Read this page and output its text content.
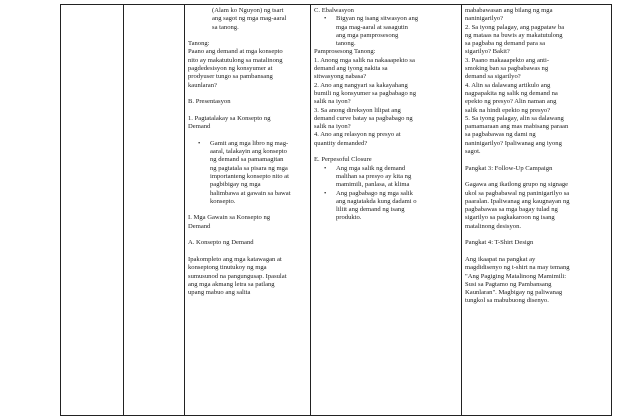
(Alam ko Nguyon) ng tsart

ang sagot ng mga mag-aaral

sa tanong.

Tanong:

Paano ang demand at mga konsepto

nito ay makatutulong sa matalinong

pagdedesisyon ng konsyumer at

prodyuser tungo sa pambansang

kaunlaran?

B. Presentasyon

1. Pagtatalakay sa Konsepto ng

Demand

• Gamit ang mga libro ng mag-

aaral, talakayin ang konsepto

ng demand sa pamamagitan

ng pagtatala sa pisara ng mga

importanteng konsepto nito at

pagbibigay ng mga

halimbawa at gawain sa bawat

konsepto.

I. Mga Gawain sa Konsepto ng

Demand

A. Konsepto ng Demand

Ipakompleto ang mga katawagan at

konseptong tinutukoy ng mga

sumusunod na pangungusap. Ipasulat

ang mga akmang letra sa patlang

upang mabuo ang salita

C. Ebalwasyon

• Bigyan ng isang sitwasyon ang

mga mag-aaral at sasagutin

ang mga pamprosesong

tanong.

Pamprosesong Tanong:

1. Anong mga salik na nakaaapekto sa

demand ang iyong nakita sa

sitwasyong nabasa?

2. Ano ang nangyari sa kakayahang

bumili ng konsyumer sa pagbabago ng

salik na iyon?

3. Sa anong direksyon lilipat ang

demand curve batay sa pagbabago ng

salik na iyon?

4. Ano ang relasyon ng presyo at

quantity demanded?

E. Perpesoful Closure

• Ang mga salik ng demand

malihan sa presyo ay kita ng

mamimili, panlasa, at klima

• Ang pagbabago ng mga salik

ang nagtatakda kung dadami o

liliit ang demand ng isang

produkto.

mababawasan ang bilang ng mga

naninigarilyo?

2. Sa iyong palagay, ang pagpataw ba

ng mataas na buwis ay makatutulong

sa pagbaba ng demand para sa

sigarilyo? Bakit?

3. Paano makaaapekto ang anti-

smoking ban sa pagbabawas ng

demand sa sigarilyo?

4. Alin sa dalawang artikulo ang

nagpapakita ng salik ng demand na

epekto ng presyo? Alin naman ang

salik na hindi epekto ng presyo?

5. Sa iyong palagay, alin sa dalawang

pamamaraan ang mas mabisang paraan

sa pagbabawas ng dami ng

naninigarilyo? Ipaliwanag ang iyong

sagot.

Pangkat 3: Follow-Up Campaign

Gagawa ang ikatlong grupo ng signage

ukol sa pagbabawal ng paninigarilyo sa

paaralan. Ipaliwanag ang kaugnayan ng

pagbabawas sa mga bagay tulad ng

sigarilyo sa pagkakaroon ng isang

matalinong desisyon.

Pangkat 4: T-Shirt Design

Ang ikaapat na pangkat ay

magdidisenyo ng t-shirt na may temang

"Ang Pagiging Matalinong Mamimili:

Susi sa Pagtamo ng Pambansang

Kaunlaran". Magbigay ng paliwanag

tungkol sa mabubuong disenyo.
